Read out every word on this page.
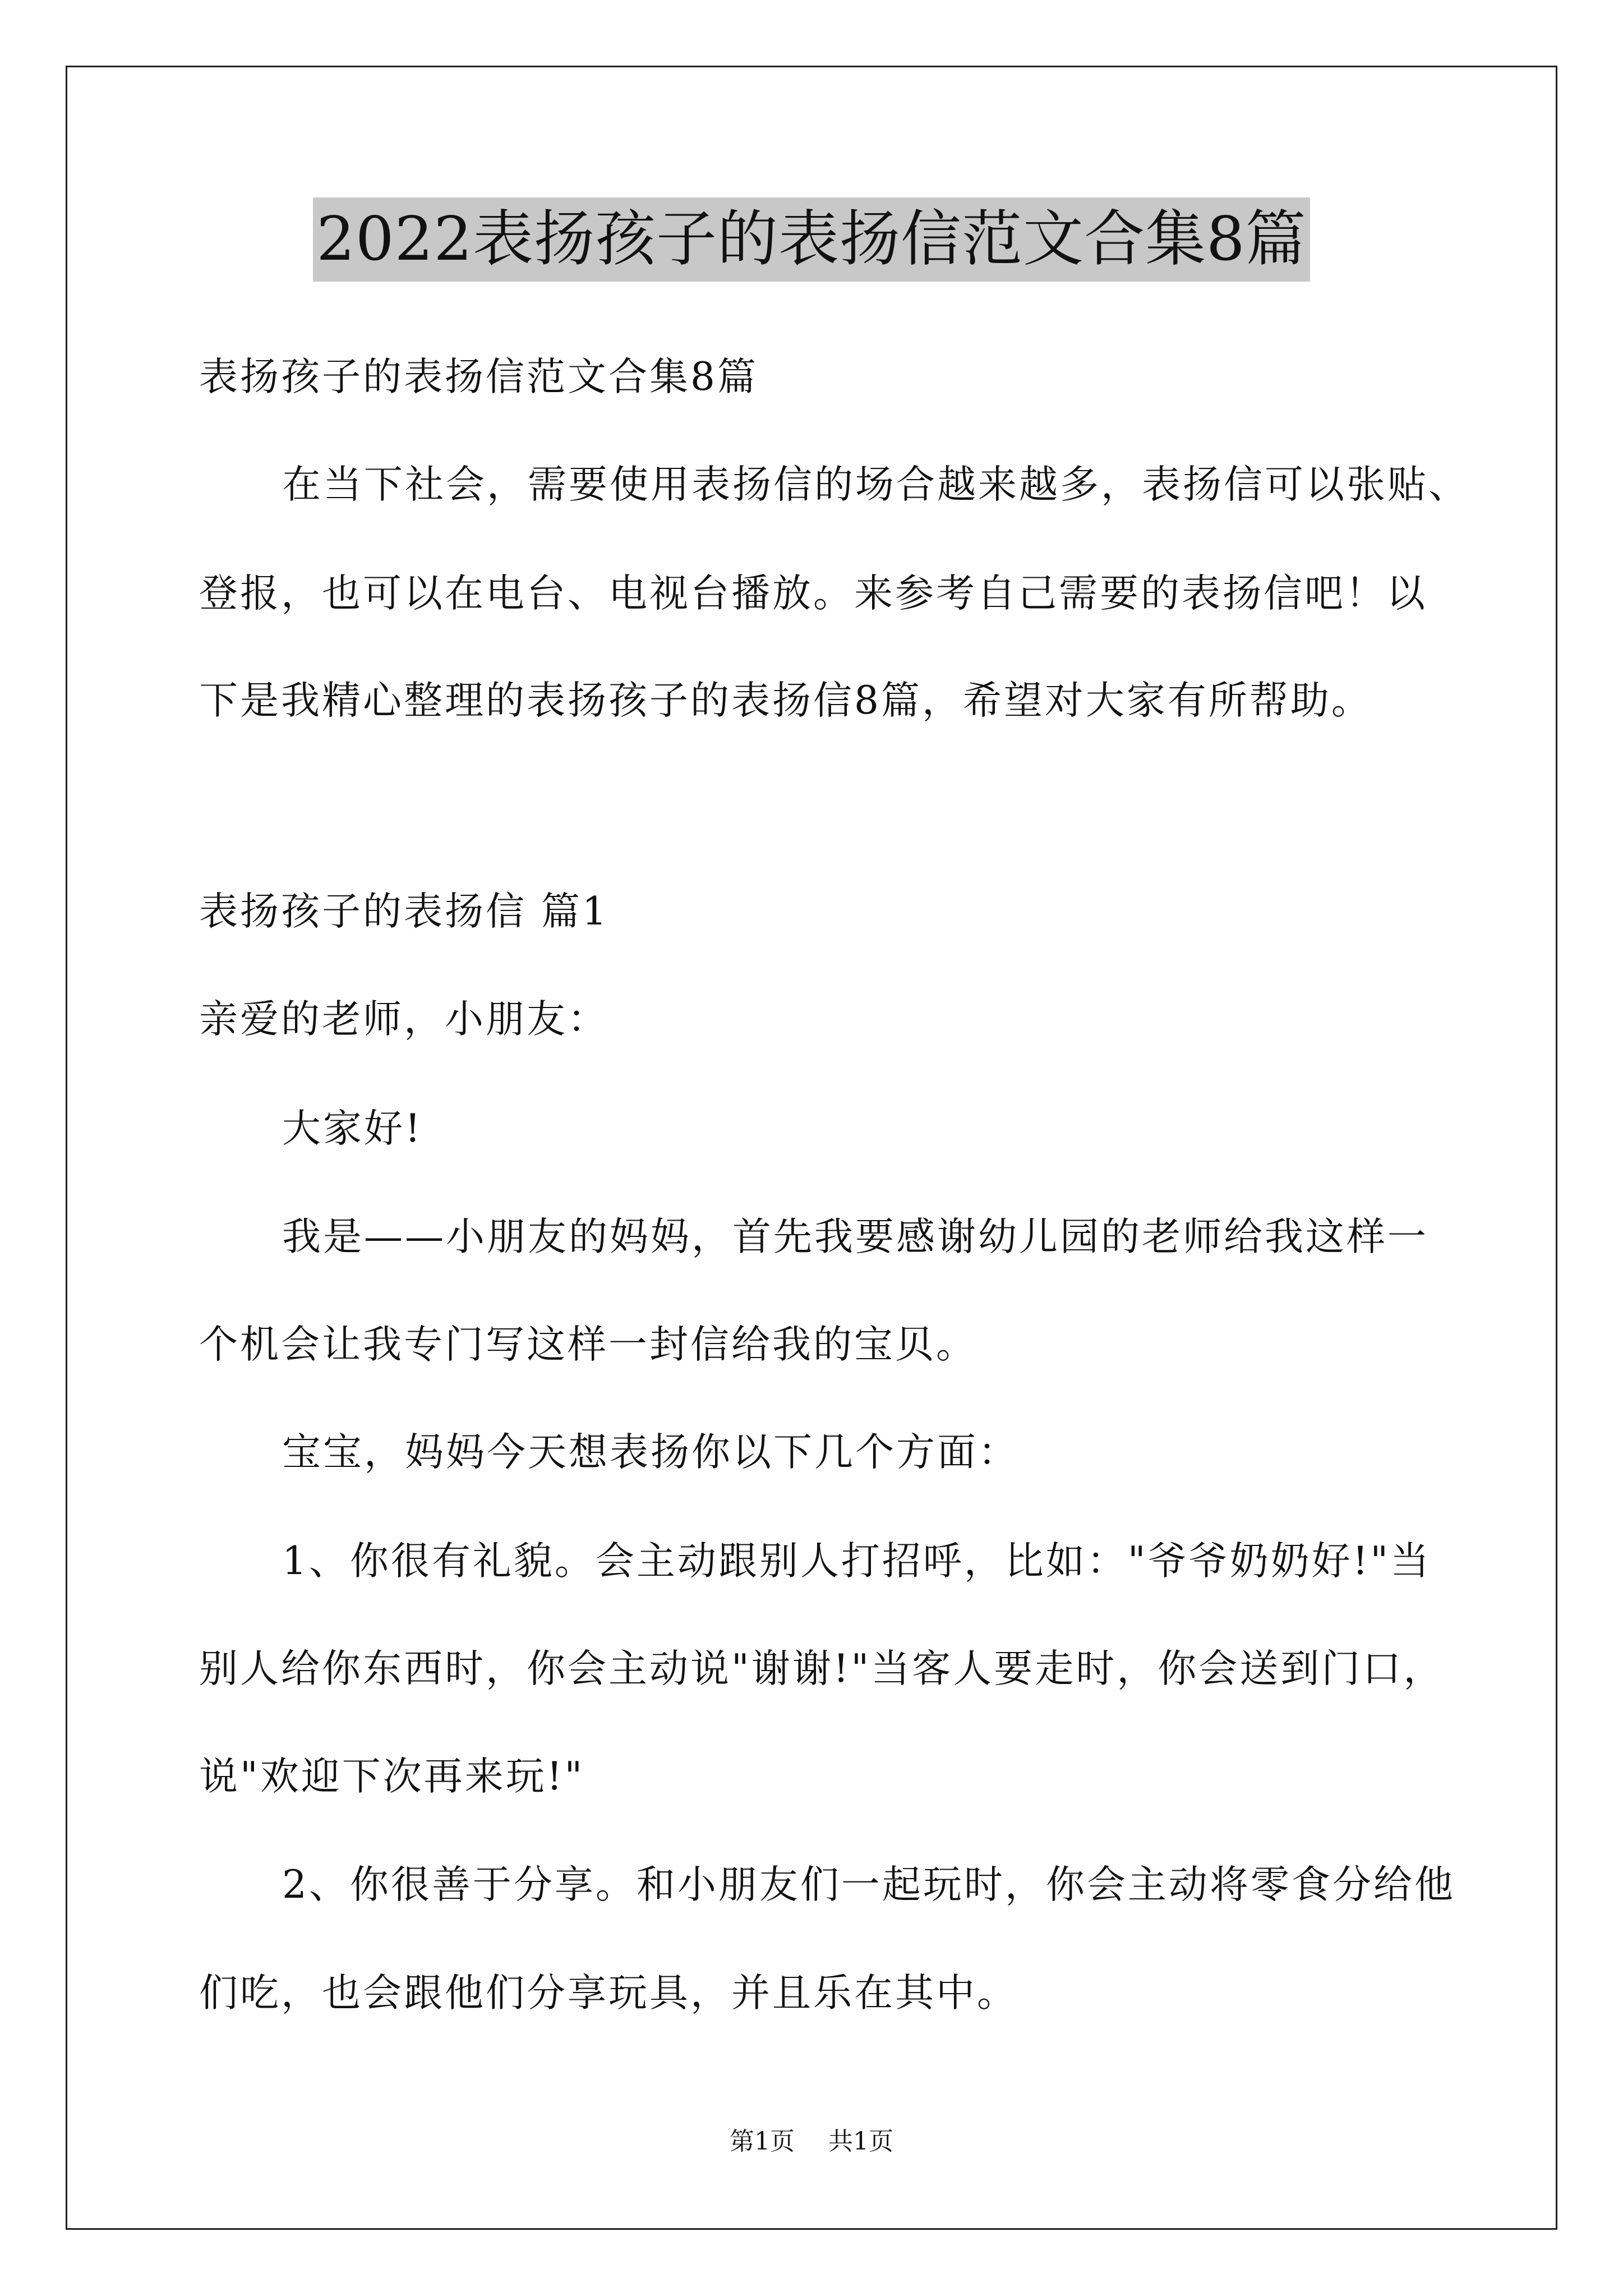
2022表扬孩子的表扬信范文合集8篇
表扬孩子的表扬信范文合集8篇
在当下社会，需要使用表扬信的场合越来越多，表扬信可以张贴、
登报，也可以在电台、电视台播放。来参考自己需要的表扬信吧！以
下是我精心整理的表扬孩子的表扬信8篇，希望对大家有所帮助。
表扬孩子的表扬信 篇1
亲爱的老师，小朋友：
大家好!
我是——小朋友的妈妈，首先我要感谢幼儿园的老师给我这样一
个机会让我专门写这样一封信给我的宝贝。
宝宝，妈妈今天想表扬你以下几个方面：
1、你很有礼貌。会主动跟别人打招呼，比如："爷爷奶奶好!"当
别人给你东西时，你会主动说"谢谢!"当客人要走时，你会送到门口，
说"欢迎下次再来玩!"
2、你很善于分享。和小朋友们一起玩时，你会主动将零食分给他
们吃，也会跟他们分享玩具，并且乐在其中。
第1页 共1页
